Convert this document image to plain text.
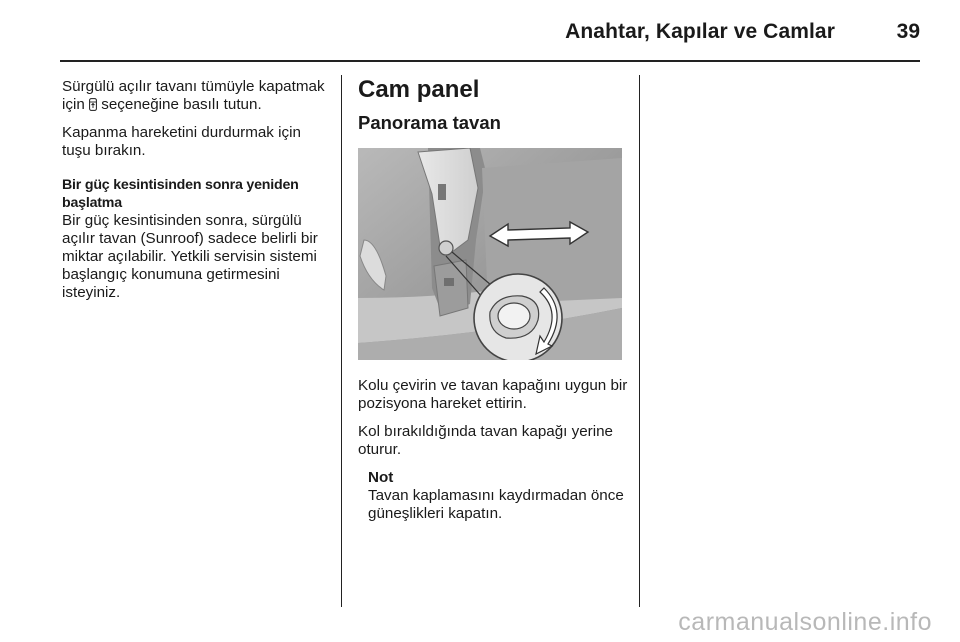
Anahtar, Kapılar ve Camlar	39

Sürgülü açılır tavanı tümüyle kapatmak için  seçeneğine basılı tutun.

Kapanma hareketini durdurmak için tuşu bırakın.

Bir güç kesintisinden sonra yeniden başlatma

Bir güç kesintisinden sonra, sürgülü açılır tavan (Sunroof) sadece belirli bir miktar açılabilir. Yetkili servisin sistemi başlangıç konumuna getirmesini isteyiniz.

Cam panel
Panorama tavan

Kolu çevirin ve tavan kapağını uygun bir pozisyona hareket ettirin.

Kol bırakıldığında tavan kapağı yerine oturur.

Not

Tavan kaplamasını kaydırmadan önce güneşlikleri kapatın.

carmanualsonline.info
